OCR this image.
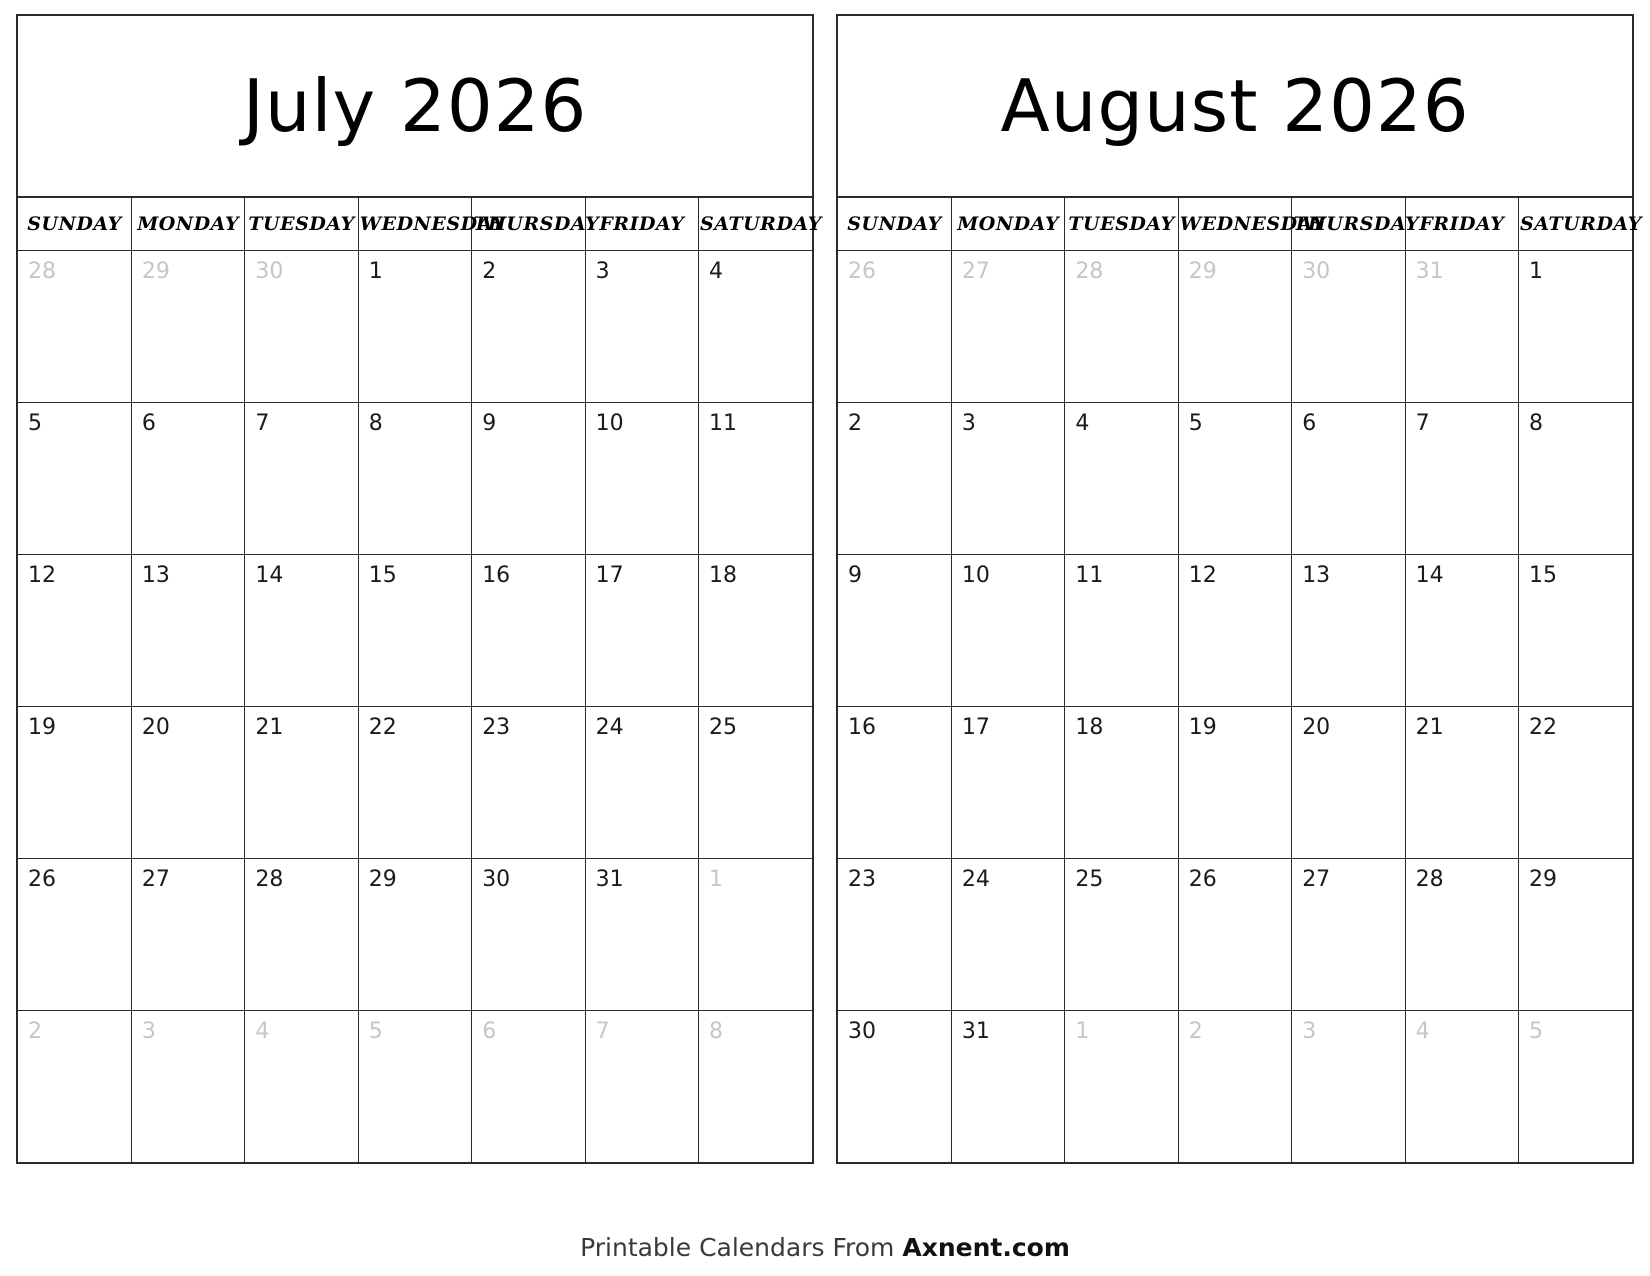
July 2026
SUNDAY	MONDAY	TUESDAY	WEDNESDAY	THURSDAY	FRIDAY	SATURDAY
28	29	30	1	2	3	4
5	6	7	8	9	10	11
12	13	14	15	16	17	18
19	20	21	22	23	24	25
26	27	28	29	30	31	1
2	3	4	5	6	7	8
August 2026
SUNDAY	MONDAY	TUESDAY	WEDNESDAY	THURSDAY	FRIDAY	SATURDAY
26	27	28	29	30	31	1
2	3	4	5	6	7	8
9	10	11	12	13	14	15
16	17	18	19	20	21	22
23	24	25	26	27	28	29
30	31	1	2	3	4	5
Printable Calendars From Axnent.com
